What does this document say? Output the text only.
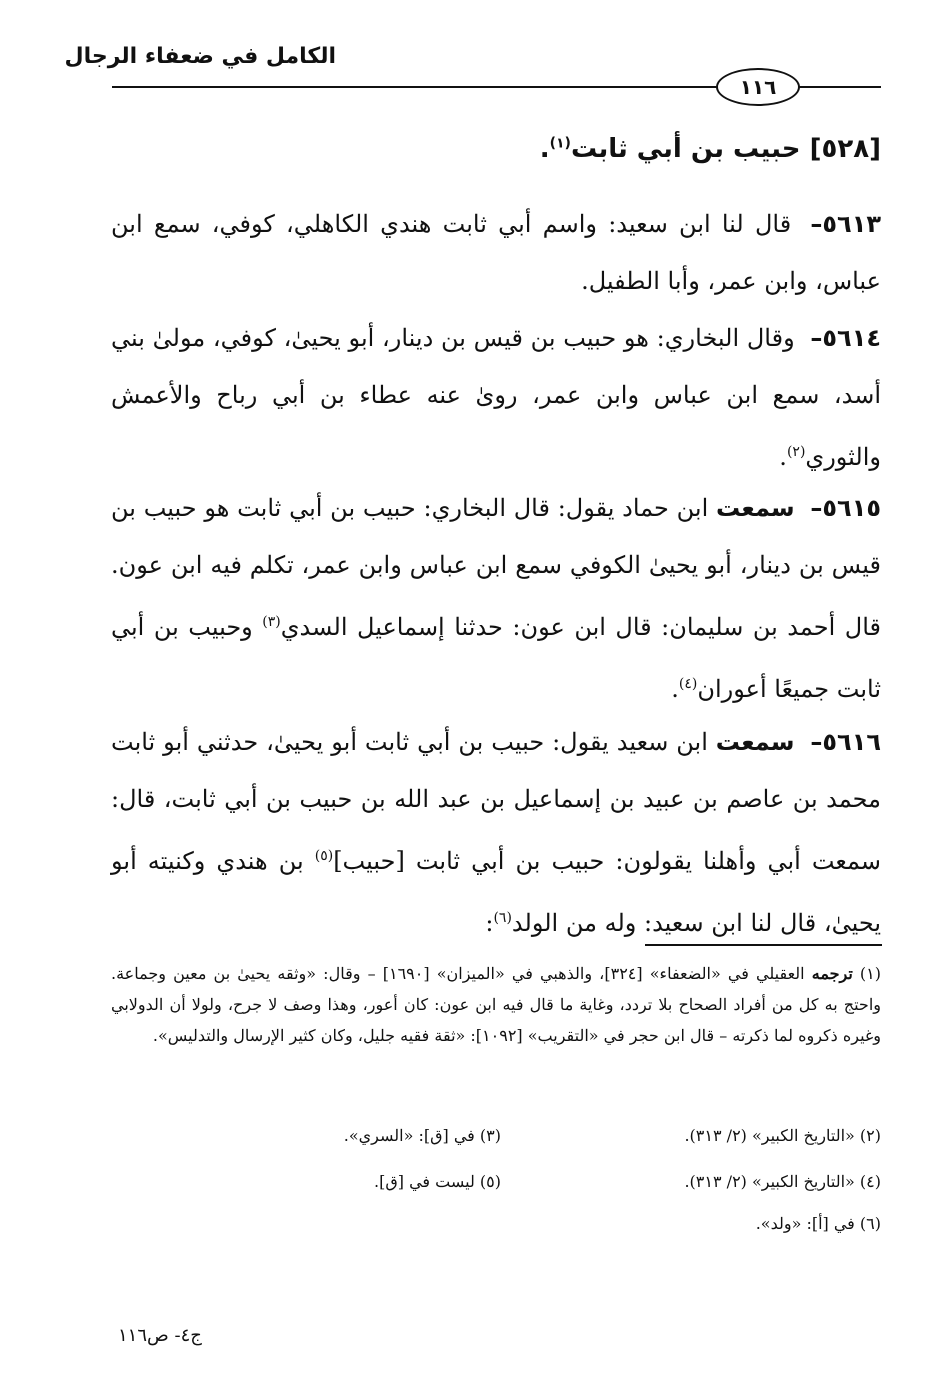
الكامل في ضعفاء الرجال
١١٦
[٥٢٨] حبيب بن أبي ثابت$^{(١)}$.
٥٦١٣– قال لنا ابن سعيد: واسم أبي ثابت هندي الكاهلي، كوفي، سمع ابن عباس، وابن عمر، وأبا الطفيل.
٥٦١٤– وقال البخاري: هو حبيب بن قيس بن دينار، أبو يحيىٰ، كوفي، مولىٰ بني أسد، سمع ابن عباس وابن عمر، روىٰ عنه عطاء بن أبي رباح والأعمش والثوري$^{(٢)}$.
٥٦١٥– سمعت ابن حماد يقول: قال البخاري: حبيب بن أبي ثابت هو حبيب بن قيس بن دينار، أبو يحيىٰ الكوفي سمع ابن عباس وابن عمر، تكلم فيه ابن عون. قال أحمد بن سليمان: قال ابن عون: حدثنا إسماعيل السدي$^{(٣)}$ وحبيب بن أبي ثابت جميعًا أعوران$^{(٤)}$.
٥٦١٦– سمعت ابن سعيد يقول: حبيب بن أبي ثابت أبو يحيىٰ، حدثني أبو ثابت محمد بن عاصم بن عبيد بن إسماعيل بن عبد الله بن حبيب بن أبي ثابت، قال: سمعت أبي وأهلنا يقولون: حبيب بن أبي ثابت [حبيب]$^{(٥)}$ بن هندي وكنيته أبو يحيىٰ، قال لنا ابن سعيد: وله من الولد$^{(٦)}$:
(١) ترجمه العقيلي في «الضعفاء» [٣٢٤]، والذهبي في «الميزان» [١٦٩٠] – وقال: «وثقه يحيىٰ بن معين وجماعة. واحتج به كل من أفراد الصحاح بلا تردد، وغاية ما قال فيه ابن عون: كان أعور، وهذا وصف لا جرح، ولولا أن الدولابي وغيره ذكروه لما ذكرته – قال ابن حجر في «التقريب» [١٠٩٢]: «ثقة فقيه جليل، وكان كثير الإرسال والتدليس».
(٢) «التاريخ الكبير» (٢/ ٣١٣).
(٣) في [ق]: «السري».
(٤) «التاريخ الكبير» (٢/ ٣١٣).
(٥) ليست في [ق].
(٦) في [أ]: «ولد».
ج٤- ص١١٦
